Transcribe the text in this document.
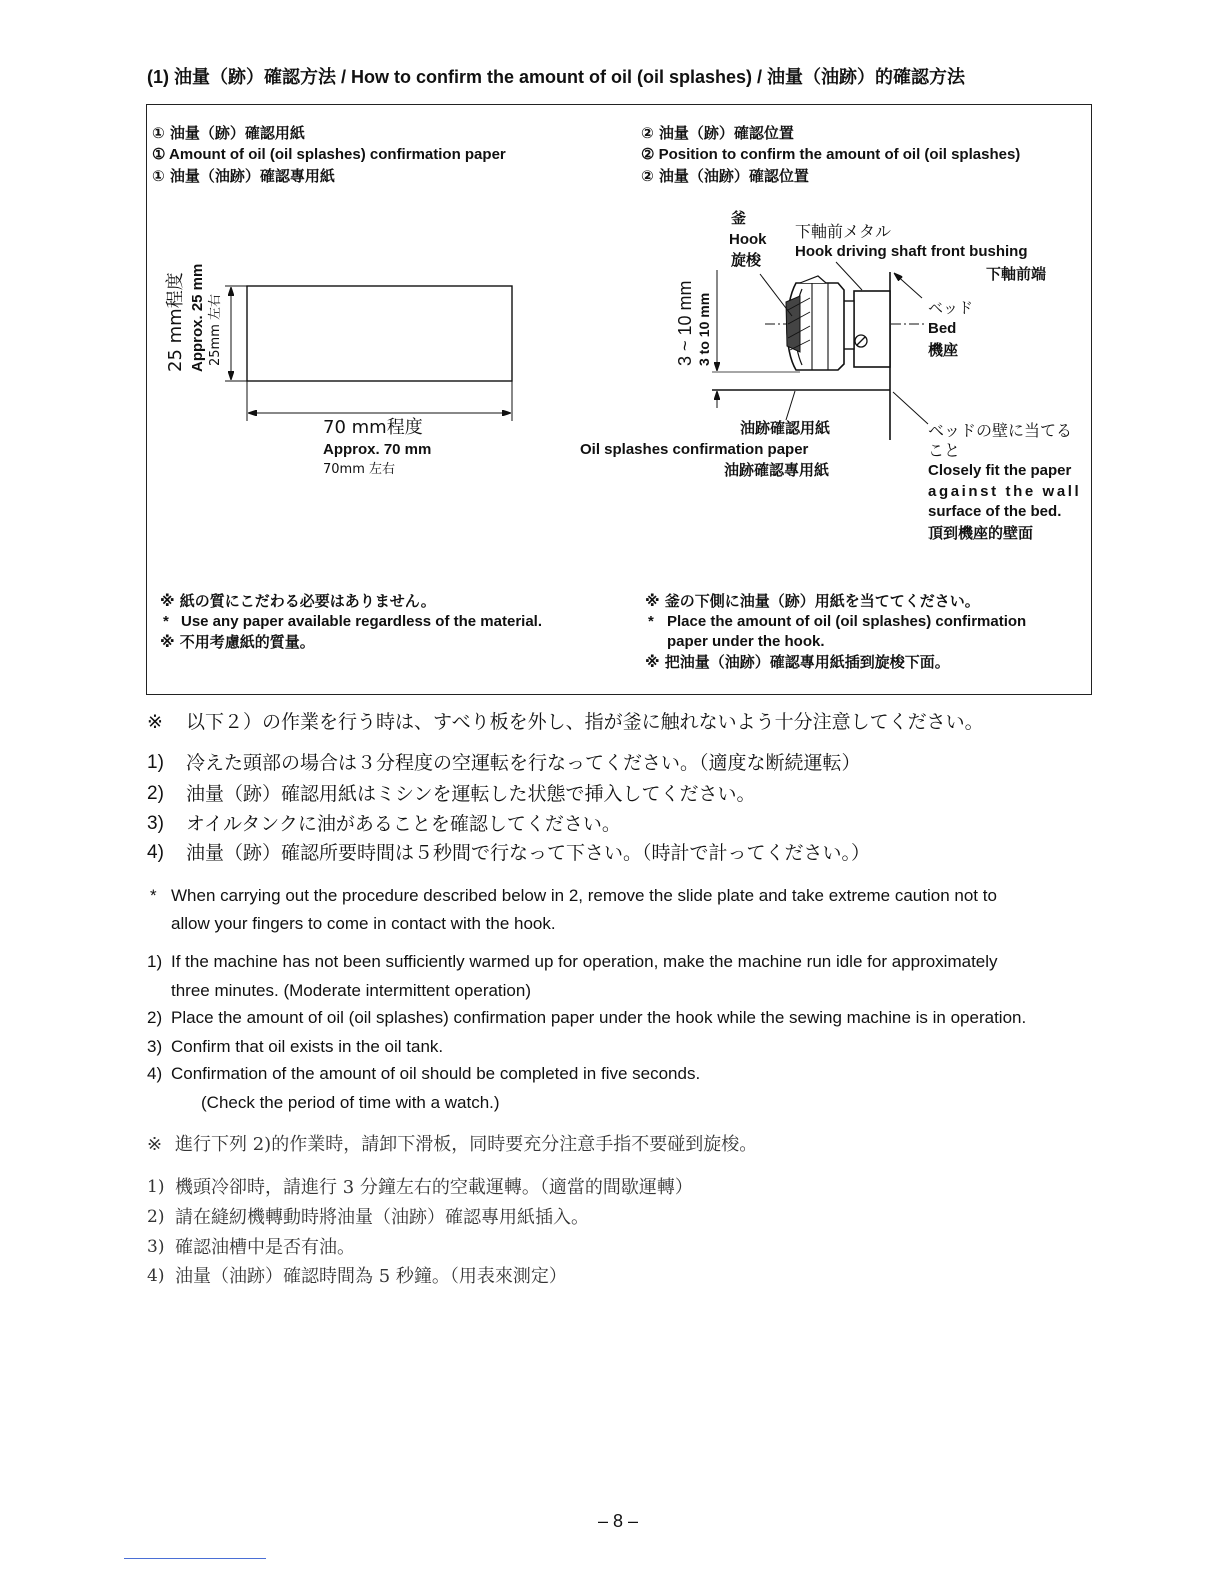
(1) 油量（跡）確認方法 / How to confirm the amount of oil (oil splashes) / 油量（油跡）的確認方法
① 油量（跡）確認用紙
① Amount of oil (oil splashes) confirmation paper
① 油量（油跡）確認專用紙
② 油量（跡）確認位置
② Position to confirm the amount of oil (oil splashes)
② 油量（油跡）確認位置
25 mm程度 Approx. 25 mm 25mm 左右
70 mm程度
Approx. 70 mm
70mm 左右
釜
Hook
旋梭
下軸前メタル
Hook driving shaft front bushing
下軸前端
ベッド
Bed
機座
3 ~ 10 mm 3 to 10 mm
油跡確認用紙
Oil splashes confirmation paper
油跡確認專用紙
ベッドの壁に当てる
こと
Closely fit the paper
against the wall
surface of the bed.
頂到機座的壁面
※ 紙の質にこだわる必要はありません。
* Use any paper available regardless of the material.
※ 不用考慮紙的質量。
※ 釜の下側に油量（跡）用紙を当ててください。
* Place the amount of oil (oil splashes) confirmation
paper under the hook.
※ 把油量（油跡）確認專用紙插到旋梭下面。
※ 以下２）の作業を行う時は、すべり板を外し、指が釜に触れないよう十分注意してください。
1) 冷えた頭部の場合は３分程度の空運転を行なってください。（適度な断続運転）
2) 油量（跡）確認用紙はミシンを運転した状態で挿入してください。
3) オイルタンクに油があることを確認してください。
4) 油量（跡）確認所要時間は５秒間で行なって下さい。（時計で計ってください。）
* When carrying out the procedure described below in 2, remove the slide plate and take extreme caution not to
allow your fingers to come in contact with the hook.
1) If the machine has not been sufficiently warmed up for operation, make the machine run idle for approximately
three minutes. (Moderate intermittent operation)
2) Place the amount of oil (oil splashes) confirmation paper under the hook while the sewing machine is in operation.
3) Confirm that oil exists in the oil tank.
4) Confirmation of the amount of oil should be completed in five seconds.
(Check the period of time with a watch.)
※ 進行下列 2)的作業時，請卸下滑板，同時要充分注意手指不要碰到旋梭。
1) 機頭冷卻時，請進行 3 分鐘左右的空載運轉。（適當的間歇運轉）
2) 請在縫紉機轉動時將油量（油跡）確認專用紙插入。
3) 確認油槽中是否有油。
4) 油量（油跡）確認時間為 5 秒鐘。（用表來測定）
– 8 –
